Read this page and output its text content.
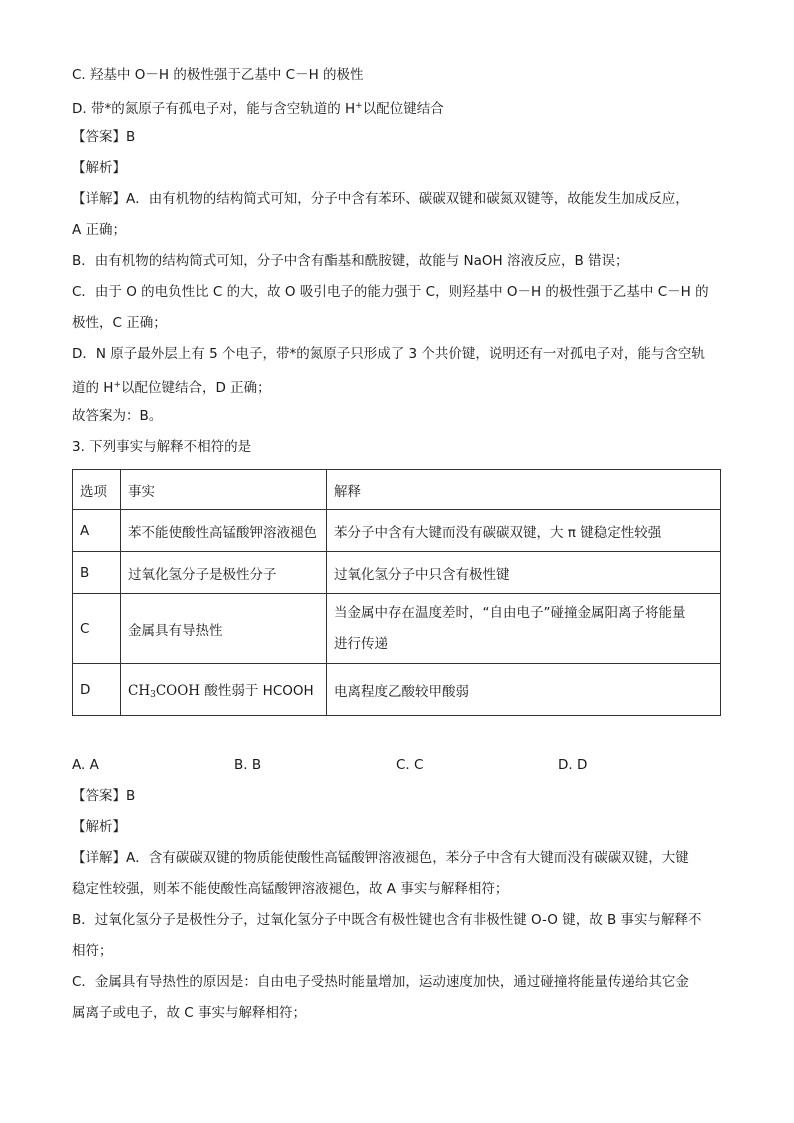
C. 羟基中 O－H 的极性强于乙基中 C－H 的极性
D. 带*的氮原子有孤电子对，能与含空轨道的 H+以配位键结合
【答案】B
【解析】
【详解】A．由有机物的结构简式可知，分子中含有苯环、碳碳双键和碳氮双键等，故能发生加成反应，
A 正确；
B．由有机物的结构简式可知，分子中含有酯基和酰胺键，故能与 NaOH 溶液反应，B 错误；
C．由于 O 的电负性比 C 的大，故 O 吸引电子的能力强于 C，则羟基中 O－H 的极性强于乙基中 C－H 的
极性，C 正确；
D．N 原子最外层上有 5 个电子，带*的氮原子只形成了 3 个共价键，说明还有一对孤电子对，能与含空轨
道的 H+以配位键结合，D 正确；
故答案为：B。
3. 下列事实与解释不相符的是
选项	事实	解释
A	苯不能使酸性高锰酸钾溶液褪色	苯分子中含有大键而没有碳碳双键，大 π 键稳定性较强
B	过氧化氢分子是极性分子	过氧化氢分子中只含有极性键
C	金属具有导热性	当金属中存在温度差时，“自由电子”碰撞金属阳离子将能量
进行传递

D	$CH_3COOH$ 酸性弱于 HCOOH	电离程度乙酸较甲酸弱
A. A	B. B	C. C	D. D
【答案】B
【解析】
【详解】A．含有碳碳双键的物质能使酸性高锰酸钾溶液褪色，苯分子中含有大键而没有碳碳双键，大键
稳定性较强，则苯不能使酸性高锰酸钾溶液褪色，故 A 事实与解释相符；
B．过氧化氢分子是极性分子，过氧化氢分子中既含有极性键也含有非极性键 O-O 键，故 B 事实与解释不
相符；
C．金属具有导热性的原因是：自由电子受热时能量增加，运动速度加快，通过碰撞将能量传递给其它金
属离子或电子，故 C 事实与解释相符；
